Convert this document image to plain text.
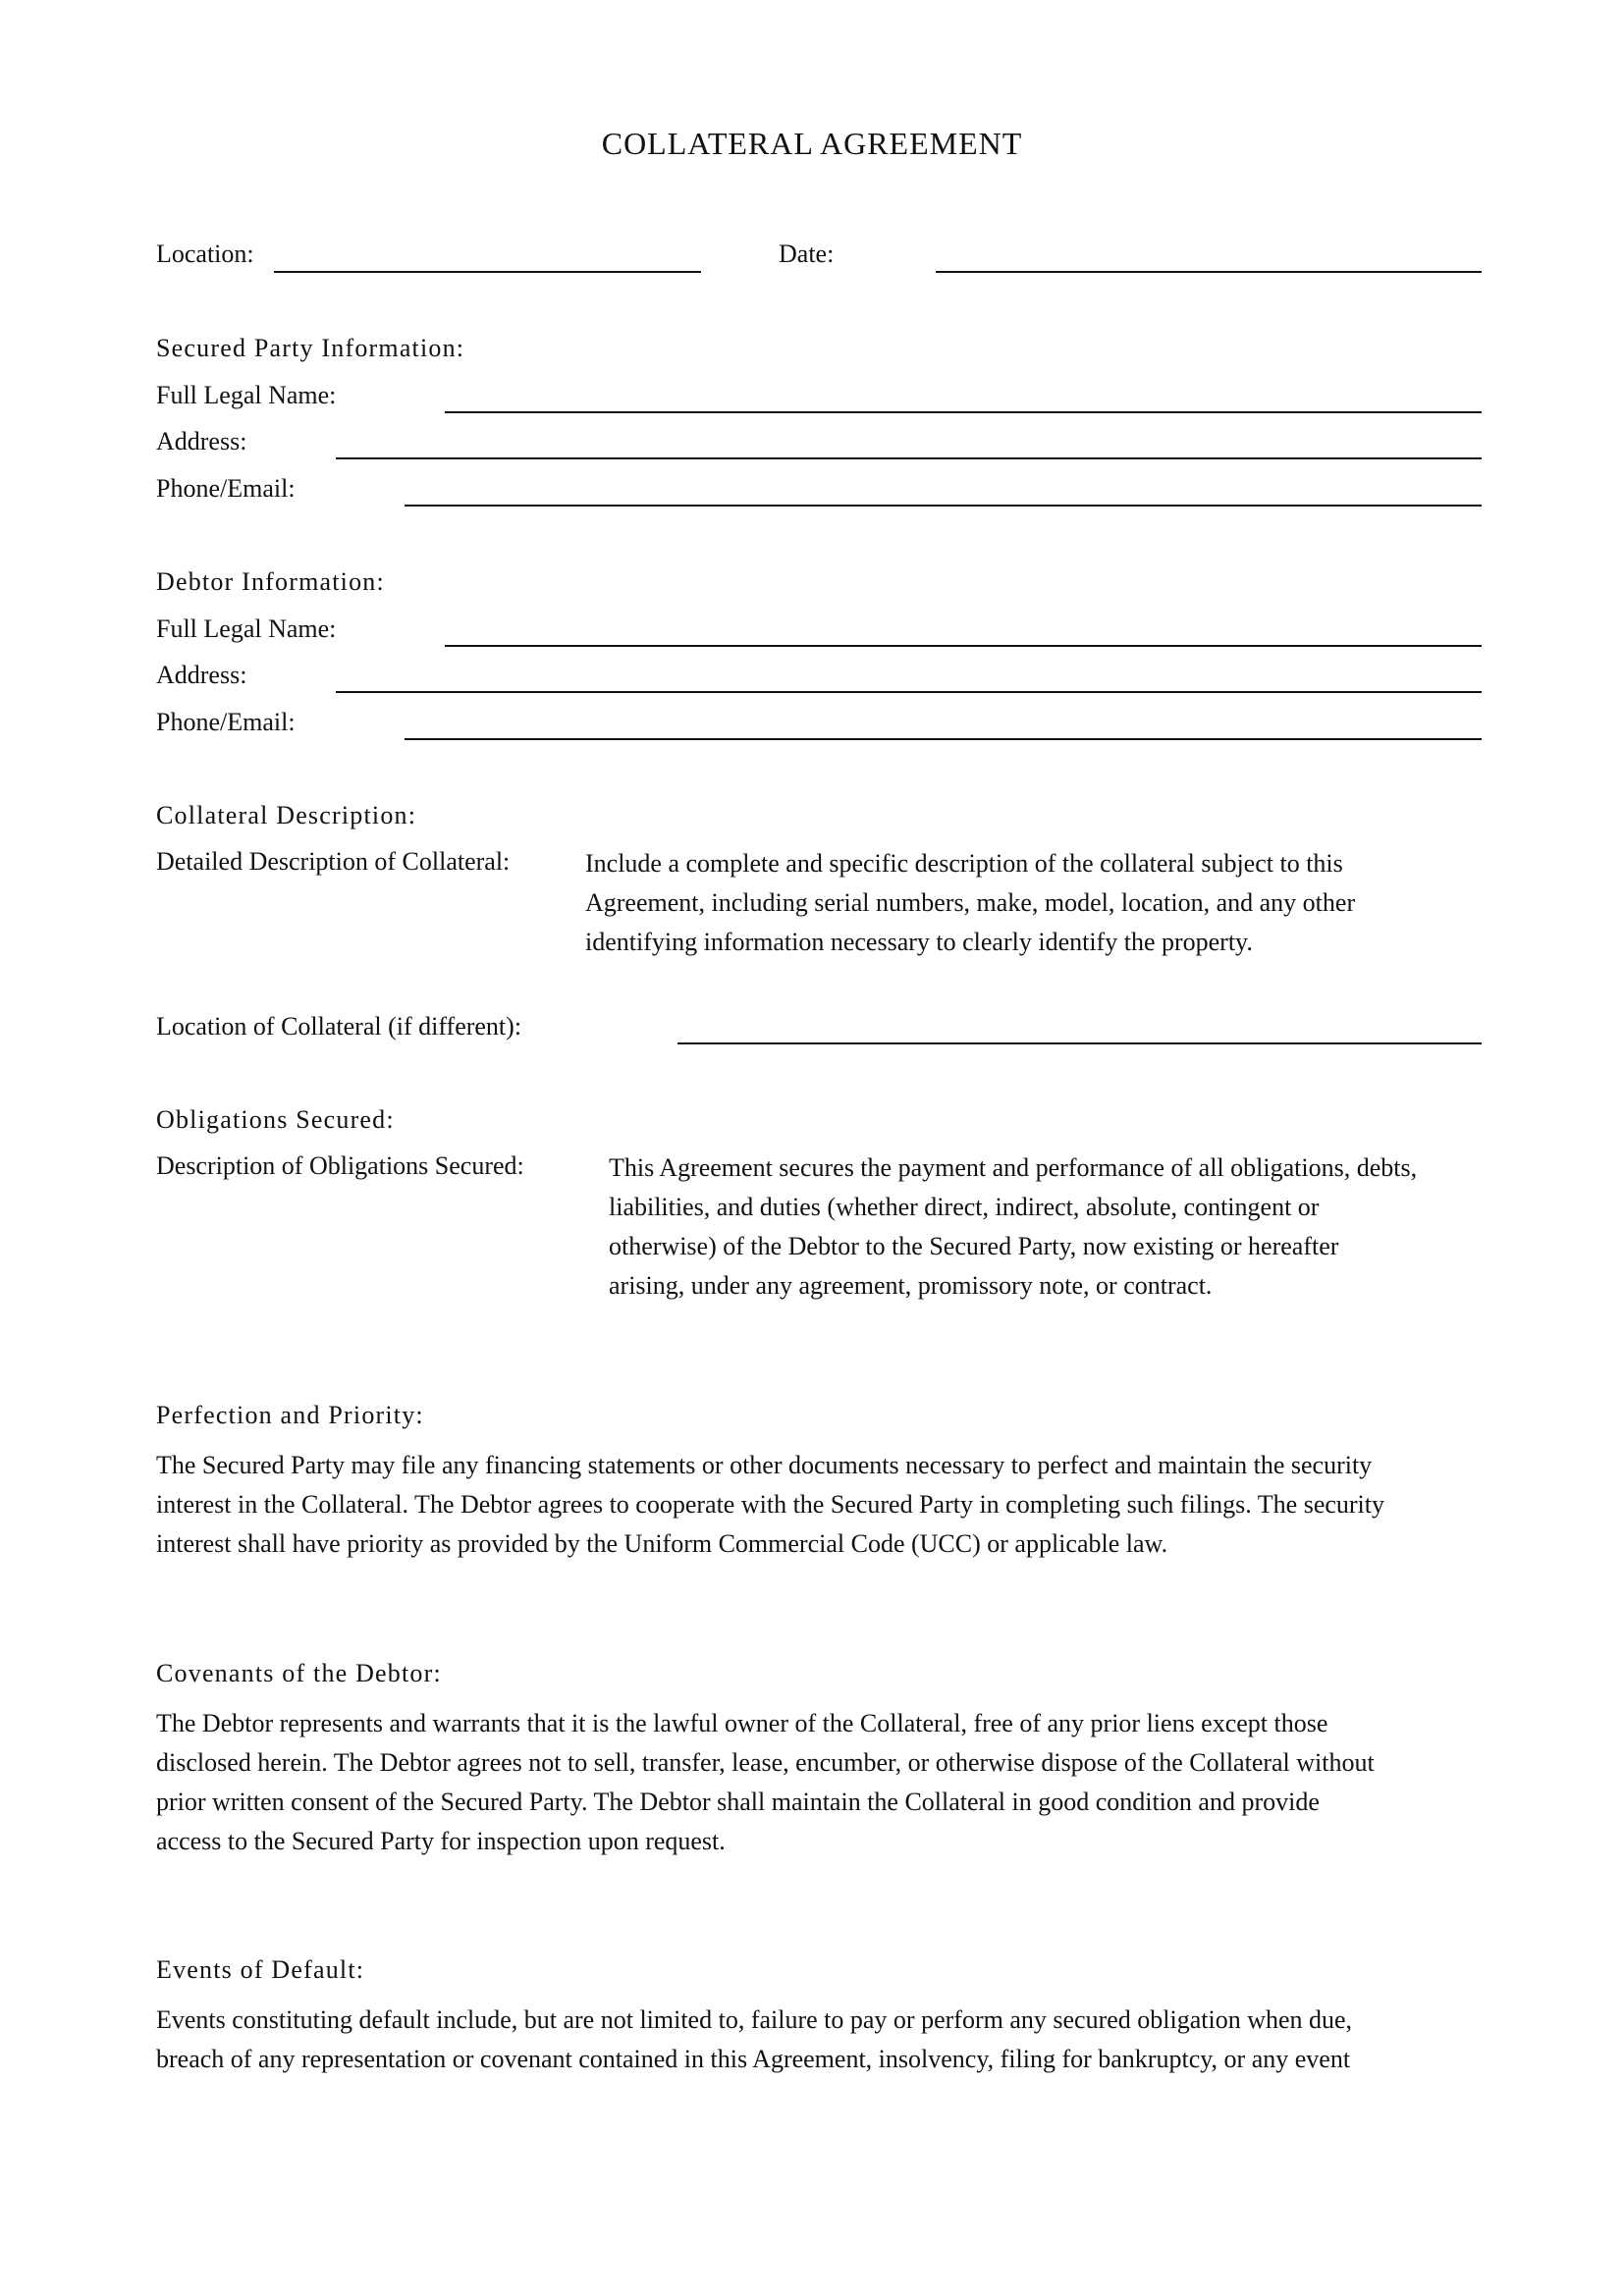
COLLATERAL AGREEMENT
Location:	Date:
Secured Party Information:
Full Legal Name:
Address:
Phone/Email:
Debtor Information:
Full Legal Name:
Address:
Phone/Email:
Collateral Description:
Detailed Description of Collateral:	Include a complete and specific description of the collateral subject to this
Agreement, including serial numbers, make, model, location, and any other
identifying information necessary to clearly identify the property.
Location of Collateral (if different):
Obligations Secured:
Description of Obligations Secured:	This Agreement secures the payment and performance of all obligations, debts,
liabilities, and duties (whether direct, indirect, absolute, contingent or
otherwise) of the Debtor to the Secured Party, now existing or hereafter
arising, under any agreement, promissory note, or contract.
Perfection and Priority:
The Secured Party may file any financing statements or other documents necessary to perfect and maintain the security
interest in the Collateral. The Debtor agrees to cooperate with the Secured Party in completing such filings. The security
interest shall have priority as provided by the Uniform Commercial Code (UCC) or applicable law.
Covenants of the Debtor:
The Debtor represents and warrants that it is the lawful owner of the Collateral, free of any prior liens except those
disclosed herein. The Debtor agrees not to sell, transfer, lease, encumber, or otherwise dispose of the Collateral without
prior written consent of the Secured Party. The Debtor shall maintain the Collateral in good condition and provide
access to the Secured Party for inspection upon request.
Events of Default:
Events constituting default include, but are not limited to, failure to pay or perform any secured obligation when due,
breach of any representation or covenant contained in this Agreement, insolvency, filing for bankruptcy, or any event
